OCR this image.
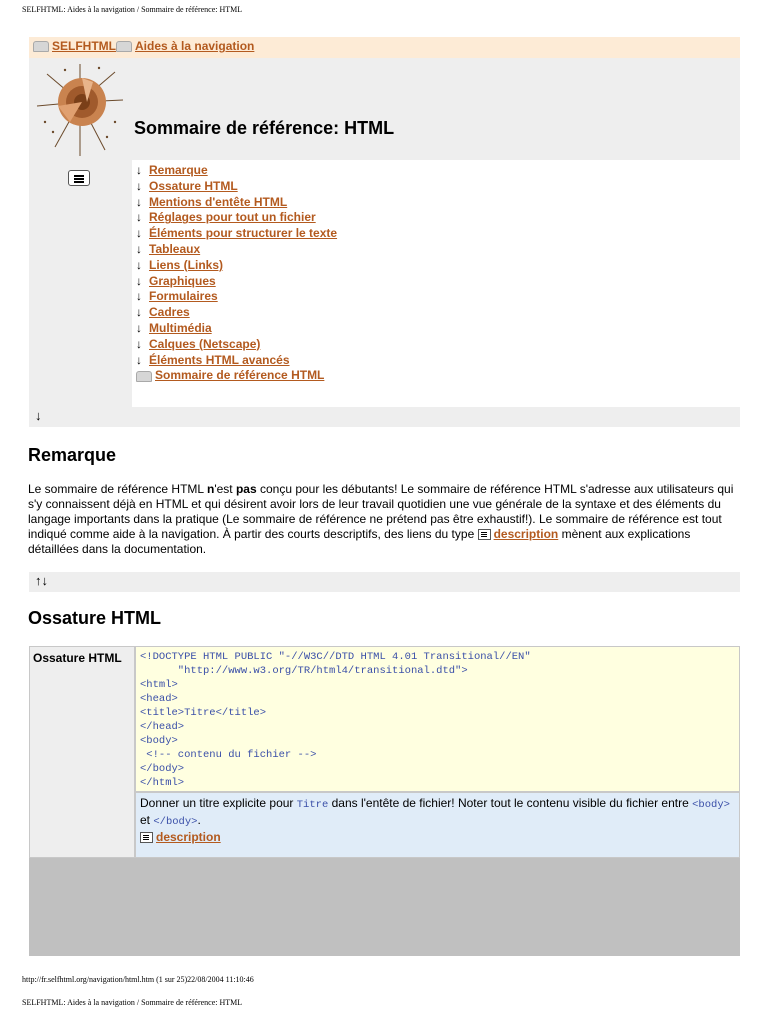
SELFHTML: Aides à la navigation / Sommaire de référence: HTML
SELFHTML Aides à la navigation
Sommaire de référence: HTML
↓ Remarque
↓ Ossature HTML
↓ Mentions d'entête HTML
↓ Réglages pour tout un fichier
↓ Éléments pour structurer le texte
↓ Tableaux
↓ Liens (Links)
↓ Graphiques
↓ Formulaires
↓ Cadres
↓ Multimédia
↓ Calques (Netscape)
↓ Éléments HTML avancés
Sommaire de référence HTML
↓
Remarque

Le sommaire de référence HTML n'est pas conçu pour les débutants! Le sommaire de référence HTML s'adresse aux utilisateurs qui s'y connaissent déjà en HTML et qui désirent avoir lors de leur travail quotidien une vue générale de la syntaxe et des éléments du langage importants dans la pratique (Le sommaire de référence ne prétend pas être exhaustif!). Le sommaire de référence est tout indiqué comme aide à la navigation. À partir des courts descriptifs, des liens du type
description mènent aux explications détaillées dans la documentation.

↑↓
Ossature HTML
Ossature HTML	<!DOCTYPE HTML PUBLIC "-//W3C//DTD HTML 4.01 Transitional//EN"
"http://www.w3.org/TR/html4/transitional.dtd">
<html>
<head>
<title>Titre</title>
</head>
<body>
<!-- contenu du fichier -->
</body>
</html>
Donner un titre explicite pour Titre dans l'entête de fichier! Noter tout le contenu visible du fichier entre <body>
et </body>.

description
http://fr.selfhtml.org/navigation/html.htm (1 sur 25)22/08/2004 11:10:46
SELFHTML: Aides à la navigation / Sommaire de référence: HTML
